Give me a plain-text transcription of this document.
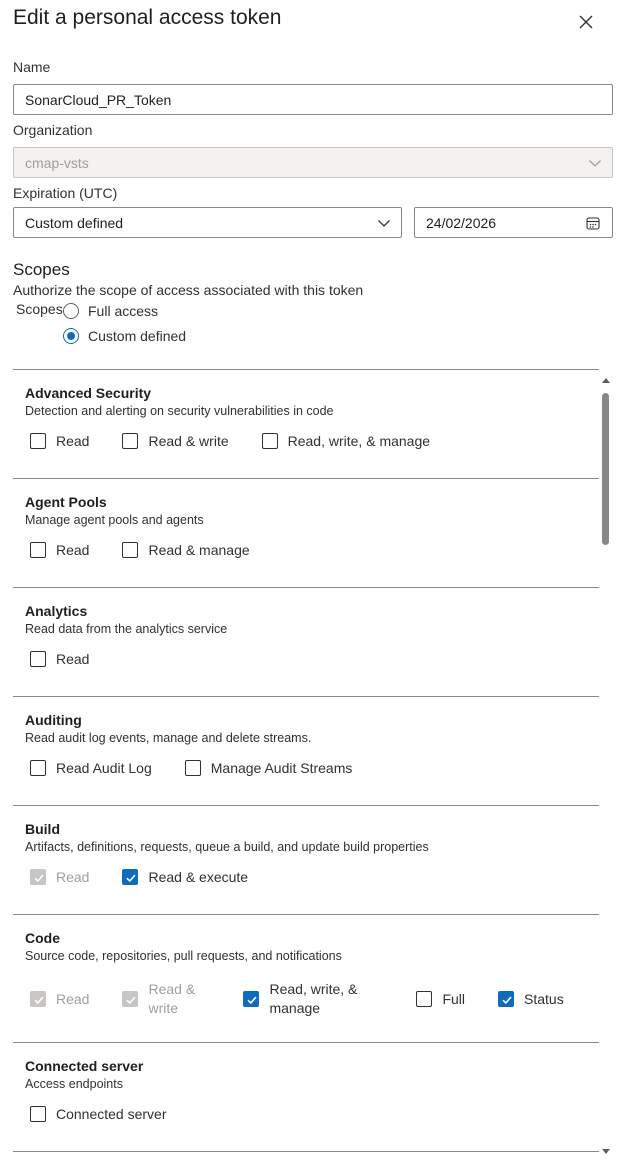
Edit a personal access token
Name
SonarCloud_PR_Token
Organization
cmap-vsts
Expiration (UTC)
Custom defined	24/02/2026
Scopes
Authorize the scope of access associated with this token
Scopes Full access
Custom defined
Advanced Security
Detection and alerting on security vulnerabilities in code
Read	Read & write	Read, write, & manage
Agent Pools
Manage agent pools and agents
Read	Read & manage
Analytics
Read data from the analytics service
Read
Auditing
Read audit log events, manage and delete streams.
Read Audit Log	Manage Audit Streams
Build
Artifacts, definitions, requests, queue a build, and update build properties
Read	Read & execute
Code
Source code, repositories, pull requests, and notifications
Read
Read & write
Read, write, & manage
Full	Status
Connected server
Access endpoints
Connected server
